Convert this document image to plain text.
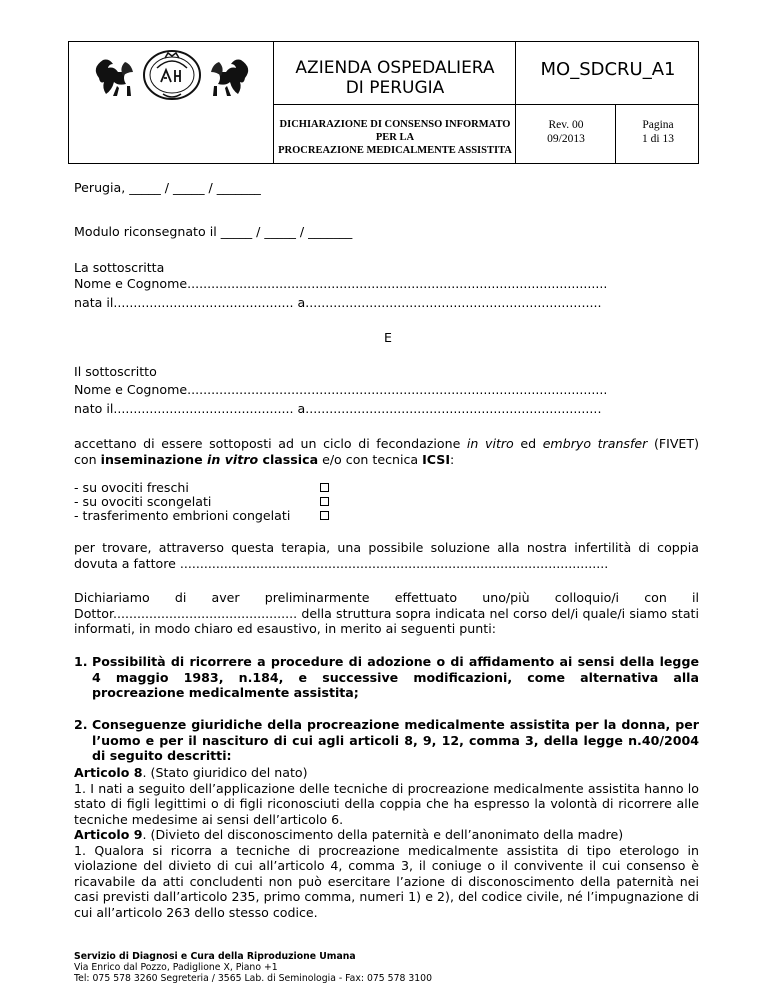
AZIENDA OSPEDALIERA
DI PERUGIA
MO_SDCRU_A1
DICHIARAZIONE DI CONSENSO INFORMATO PER LA
PROCREAZIONE MEDICALMENTE ASSISTITA
Rev. 00
09/2013
Pagina
1 di 13
Perugia, _____ / _____ / _______
Modulo riconsegnato il _____ / _____ / _______
La sottoscritta
Nome e Cognome.........................................................................................................
nata il............................................. a..........................................................................
E
Il sottoscritto
Nome e Cognome.........................................................................................................
nato il............................................. a..........................................................................
accettano di essere sottoposti ad un ciclo di fecondazione in vitro ed embryo transfer (FIVET)
con inseminazione in vitro classica e/o con tecnica ICSI:
- su ovociti freschi
- su ovociti scongelati
- trasferimento embrioni congelati
per trovare, attraverso questa terapia, una possibile soluzione alla nostra infertilità di coppia dovuta a fattore ...........................................................................................................
Dichiariamo di aver preliminarmente effettuato uno/più colloquio/i con il Dottor.............................................. della struttura sopra indicata nel corso del/i quale/i siamo stati informati, in modo chiaro ed esaustivo, in merito ai seguenti punti:
1. Possibilità di ricorrere a procedure di adozione o di affidamento ai sensi della legge 4 maggio 1983, n.184, e successive modificazioni, come alternativa alla procreazione medicalmente assistita;
2. Conseguenze giuridiche della procreazione medicalmente assistita per la donna, per l’uomo e per il nascituro di cui agli articoli 8, 9, 12, comma 3, della legge n.40/2004 di seguito descritti:
Articolo 8. (Stato giuridico del nato)
1. I nati a seguito dell’applicazione delle tecniche di procreazione medicalmente assistita hanno lo stato di figli legittimi o di figli riconosciuti della coppia che ha espresso la volontà di ricorrere alle tecniche medesime ai sensi dell’articolo 6.
Articolo 9. (Divieto del disconoscimento della paternità e dell’anonimato della madre)
1. Qualora si ricorra a tecniche di procreazione medicalmente assistita di tipo eterologo in violazione del divieto di cui all’articolo 4, comma 3, il coniuge o il convivente il cui consenso è ricavabile da atti concludenti non può esercitare l’azione di disconoscimento della paternità nei casi previsti dall’articolo 235, primo comma, numeri 1) e 2), del codice civile, né l’impugnazione di cui all’articolo 263 dello stesso codice.
Servizio di Diagnosi e Cura della Riproduzione Umana
Via Enrico dal Pozzo, Padiglione X, Piano +1
Tel: 075 578 3260 Segreteria / 3565 Lab. di Seminologia - Fax: 075 578 3100
